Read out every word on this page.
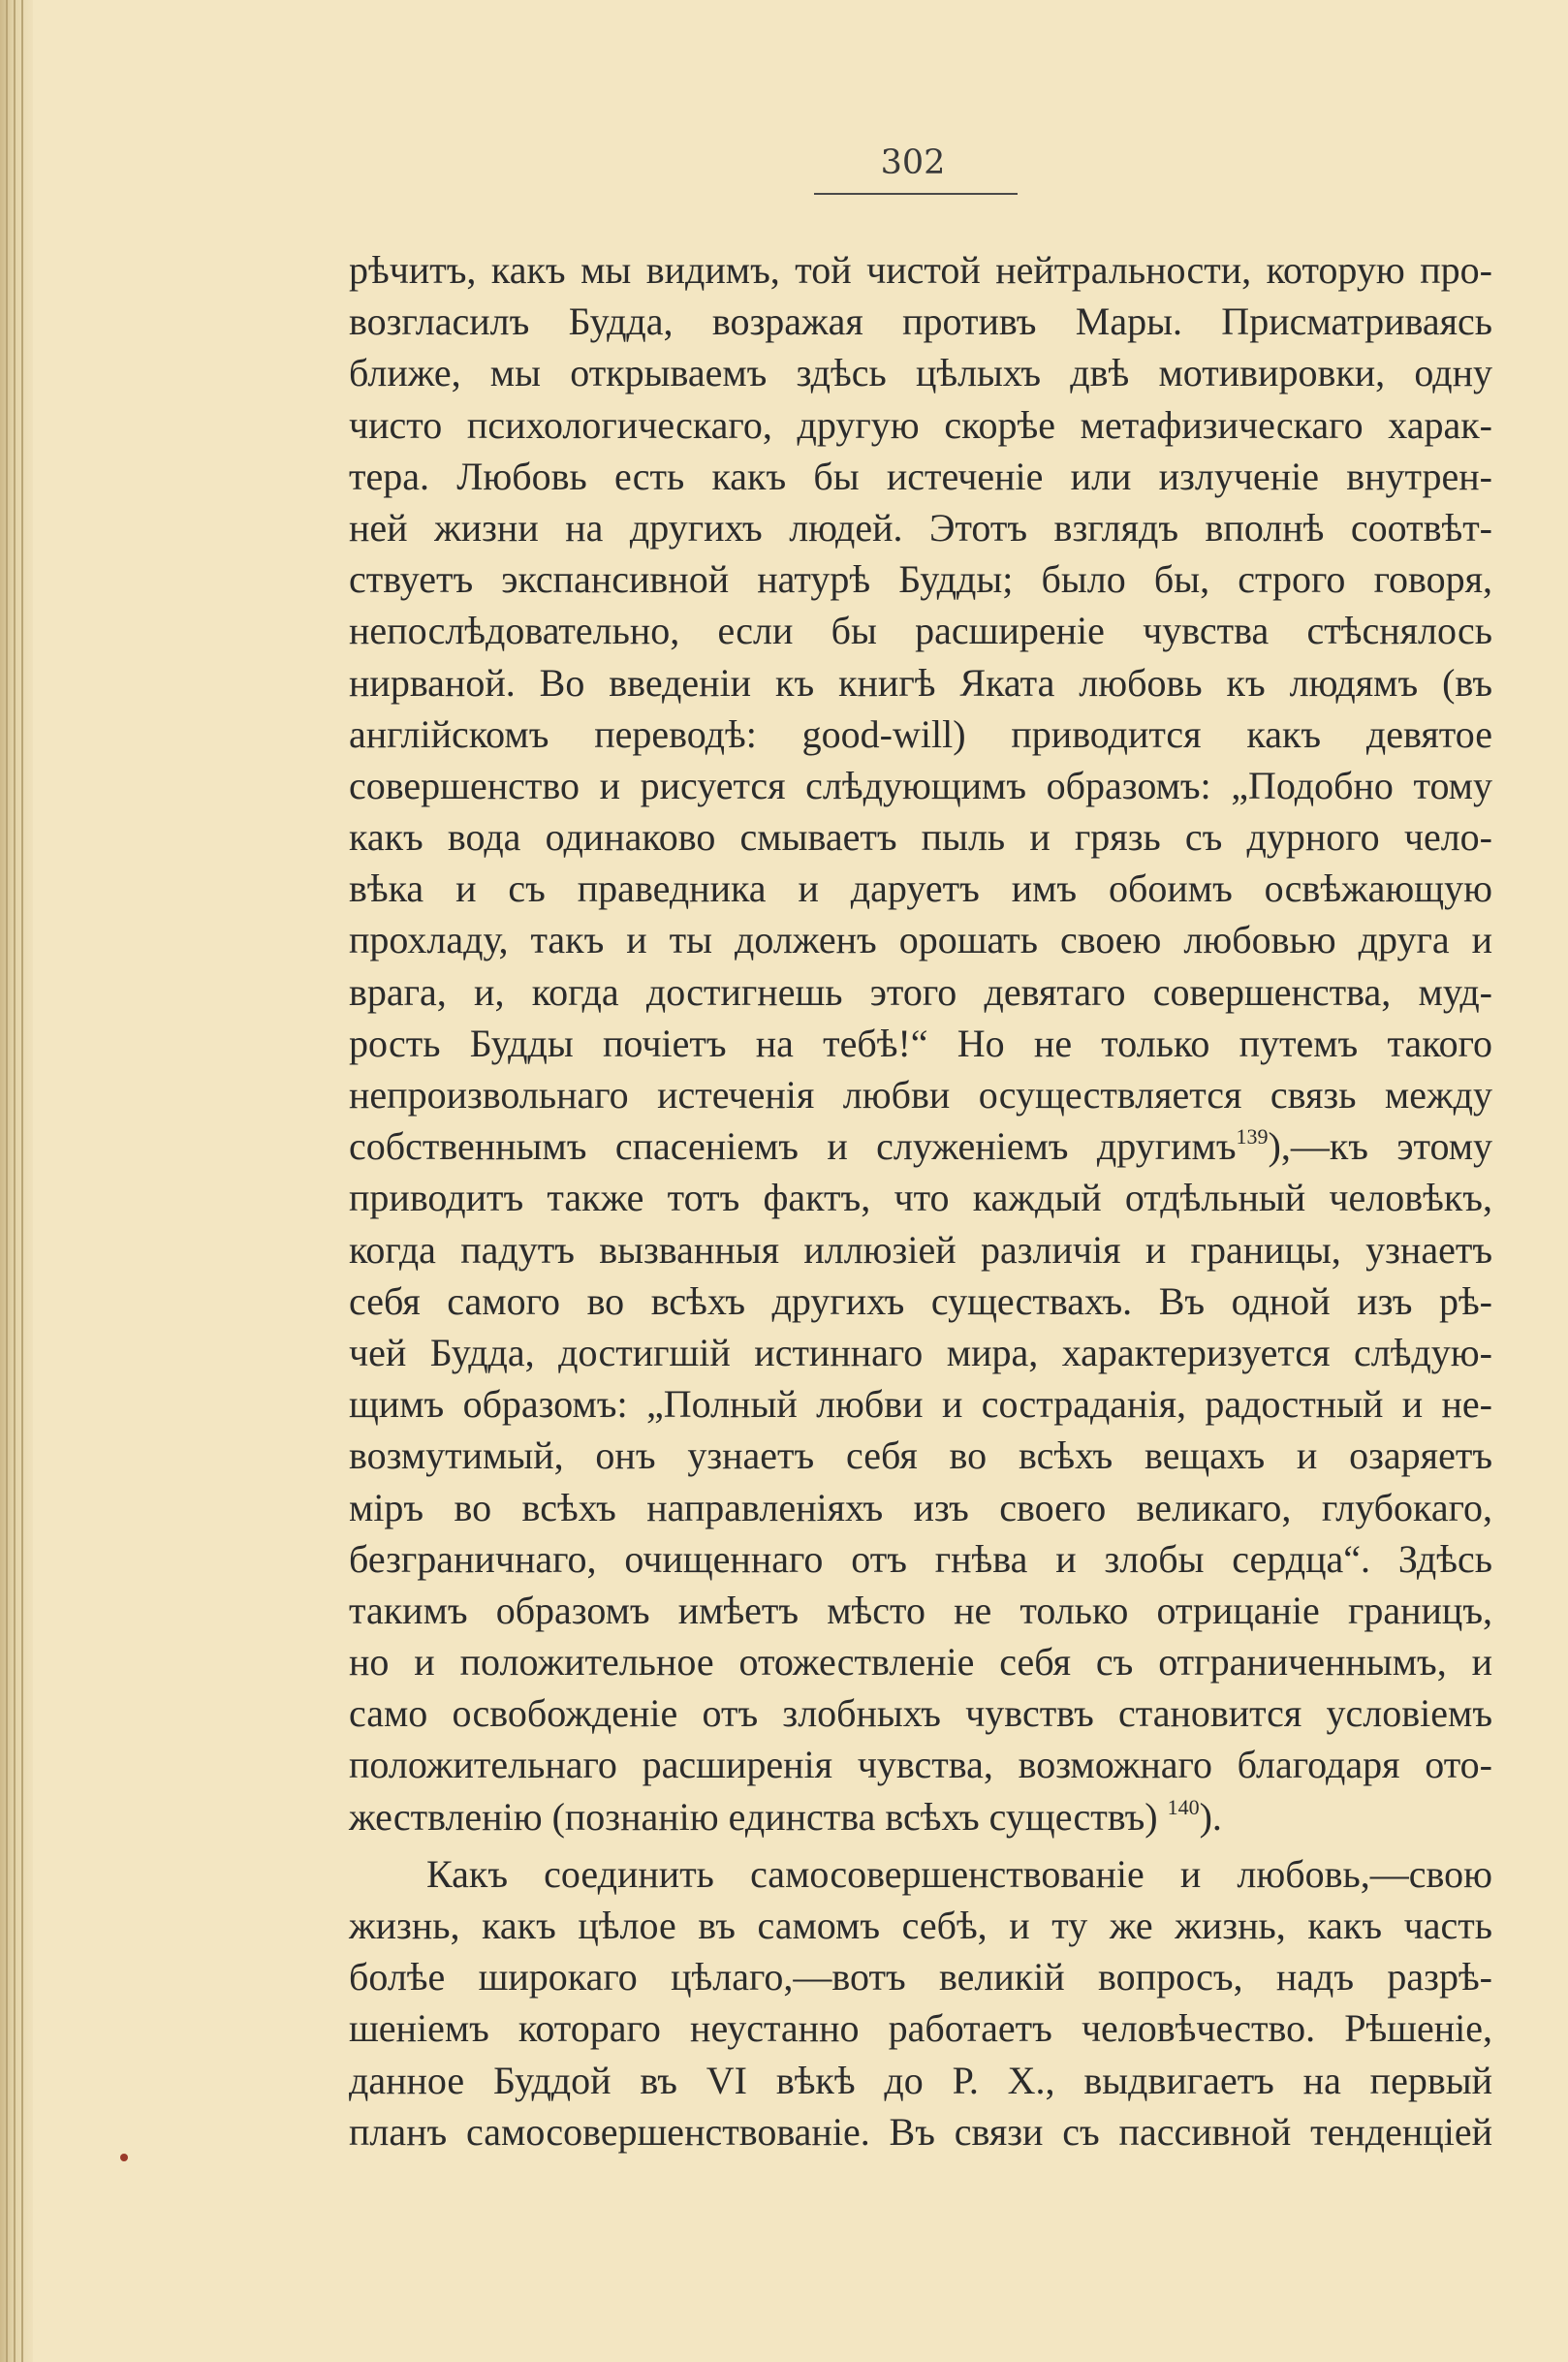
302
рѣчитъ, какъ мы видимъ, той чистой нейтральности, которую про-
возгласилъ Будда, возражая противъ Мары. Присматриваясь
ближе, мы открываемъ здѣсь цѣлыхъ двѣ мотивировки, одну
чисто психологическаго, другую скорѣе метафизическаго харак-
тера. Любовь есть какъ бы истеченіе или излученіе внутрен-
ней жизни на другихъ людей. Этотъ взглядъ вполнѣ соотвѣт-
ствуетъ экспансивной натурѣ Будды; было бы, строго говоря,
непослѣдовательно, если бы расширеніе чувства стѣснялось
нирваной. Во введеніи къ книгѣ Яката любовь къ людямъ (въ
англійскомъ переводѣ: good-will) приводится какъ девятое
совершенство и рисуется слѣдующимъ образомъ: „Подобно тому
какъ вода одинаково смываетъ пыль и грязь съ дурного чело-
вѣка и съ праведника и даруетъ имъ обоимъ освѣжающую
прохладу, такъ и ты долженъ орошать своею любовью друга и
врага, и, когда достигнешь этого девятаго совершенства, муд-
рость Будды почіетъ на тебѣ!“ Но не только путемъ такого
непроизвольнаго истеченія любви осуществляется связь между
собственнымъ спасеніемъ и служеніемъ другимъ$^{139}$),—къ этому
приводитъ также тотъ фактъ, что каждый отдѣльный человѣкъ,
когда падутъ вызванныя иллюзіей различія и границы, узнаетъ
себя самого во всѣхъ другихъ существахъ. Въ одной изъ рѣ-
чей Будда, достигшій истиннаго мира, характеризуется слѣдую-
щимъ образомъ: „Полный любви и состраданія, радостный и не-
возмутимый, онъ узнаетъ себя во всѣхъ вещахъ и озаряетъ
міръ во всѣхъ направленіяхъ изъ своего великаго, глубокаго,
безграничнаго, очищеннаго отъ гнѣва и злобы сердца“. Здѣсь
такимъ образомъ имѣетъ мѣсто не только отрицаніе границъ,
но и положительное отожествленіе себя съ отграниченнымъ, и
само освобожденіе отъ злобныхъ чувствъ становится условіемъ
положительнаго расширенія чувства, возможнаго благодаря ото-
жествленію (познанію единства всѣхъ существъ) $^{140}$).
Какъ соединить самосовершенствованіе и любовь,—свою
жизнь, какъ цѣлое въ самомъ себѣ, и ту же жизнь, какъ часть
болѣе широкаго цѣлаго,—вотъ великій вопросъ, надъ разрѣ-
шеніемъ котораго неустанно работаетъ человѣчество. Рѣшеніе,
данное Буддой въ VI вѣкѣ до Р. Х., выдвигаетъ на первый
планъ самосовершенствованіе. Въ связи съ пассивной тенденціей
